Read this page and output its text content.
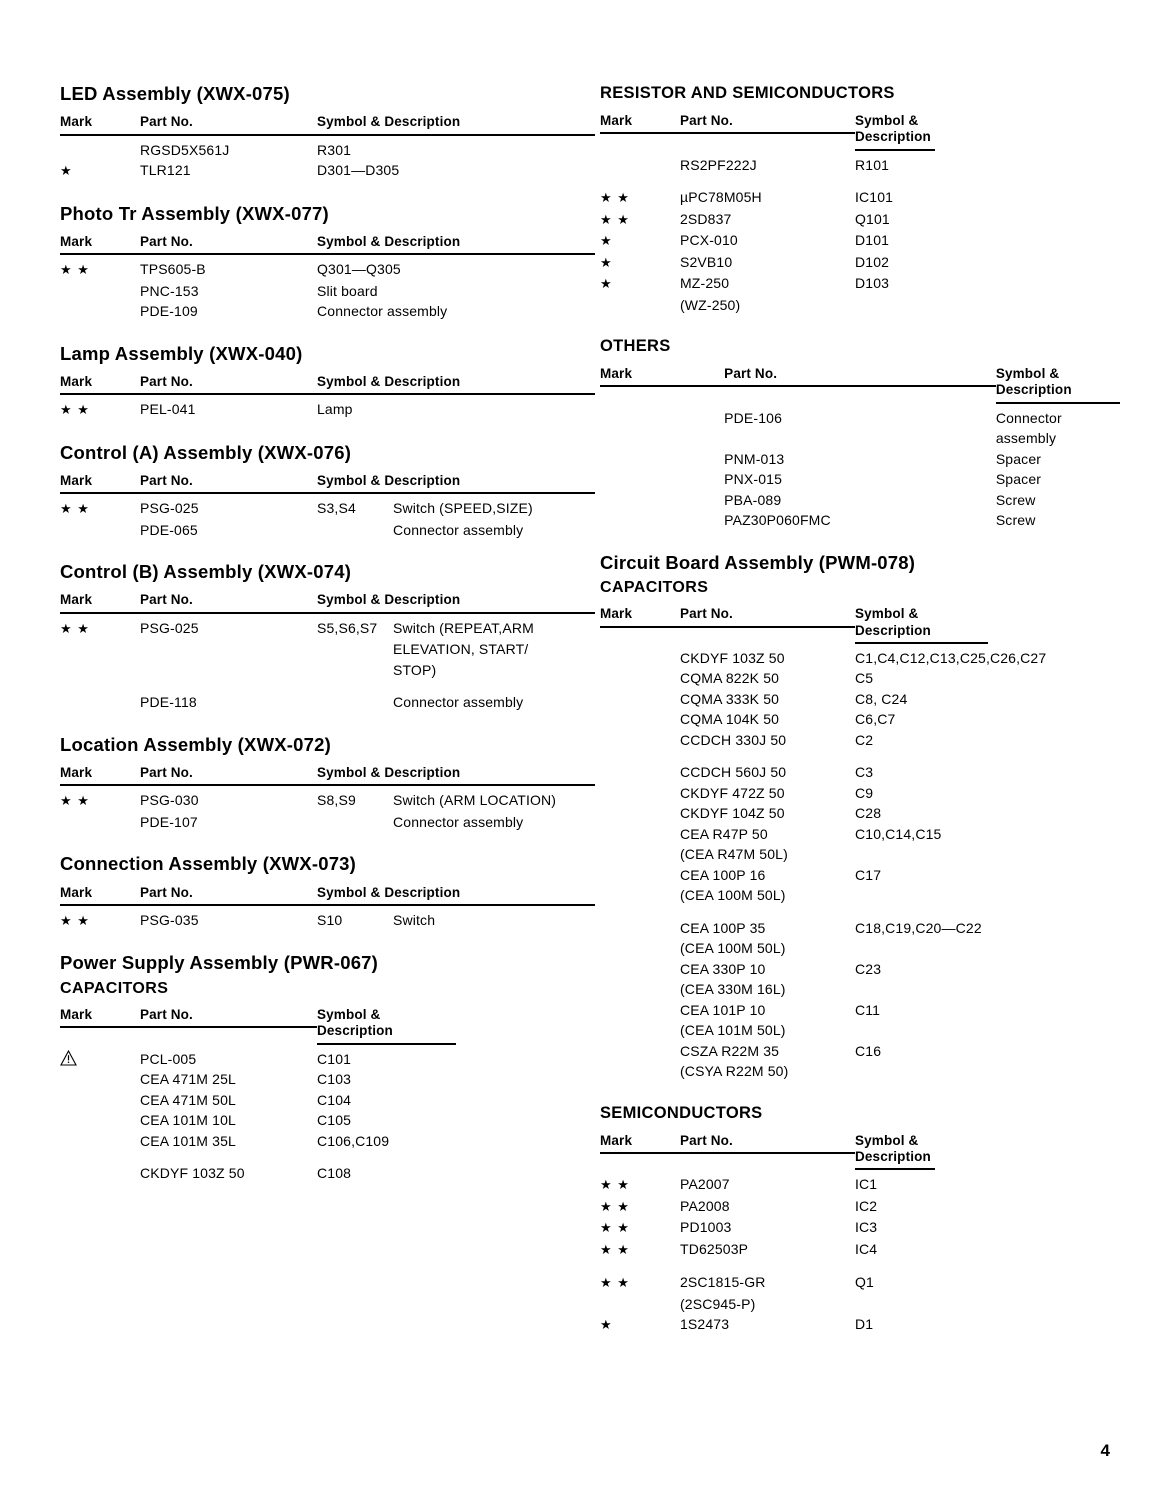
LED Assembly (XWX-075)
Mark	Part No.	Symbol & Description

	RGSD5X561J	R301
★	TLR121	D301—D305
Photo Tr Assembly (XWX-077)
Mark	Part No.	Symbol & Description

★ ★	TPS605-B	Q301—Q305
	PNC-153	Slit board
	PDE-109	Connector assembly
Lamp Assembly (XWX-040)
Mark	Part No.	Symbol & Description

★ ★	PEL-041	Lamp
Control (A) Assembly (XWX-076)
Mark	Part No.	Symbol & Description	

★ ★	PSG-025	S3,S4	Switch (SPEED,SIZE)
	PDE-065		Connector assembly
Control (B) Assembly (XWX-074)
Mark	Part No.	Symbol & Description	

★ ★	PSG-025	S5,S6,S7	Switch (REPEAT,ARM
			ELEVATION, START/
			STOP)

	PDE-118		Connector assembly
Location Assembly (XWX-072)
Mark	Part No.	Symbol & Description	

★ ★	PSG-030	S8,S9	Switch (ARM LOCATION)
	PDE-107		Connector assembly
Connection Assembly (XWX-073)
Mark	Part No.	Symbol & Description	

★ ★	PSG-035	S10	Switch
Power Supply Assembly (PWR-067)
CAPACITORS
Mark	Part No.	Symbol & Description

	PCL-005	C101
	CEA 471M 25L	C103
	CEA 471M 50L	C104
	CEA 101M 10L	C105
	CEA 101M 35L	C106,C109

	CKDYF 103Z 50	C108
RESISTOR AND SEMICONDUCTORS
Mark	Part No.	Symbol & Description

	RS2PF222J	R101

★ ★	µPC78M05H	IC101
★ ★	2SD837	Q101
★	PCX-010	D101
★	S2VB10	D102
★	MZ-250	D103
	(WZ-250)	
OTHERS
Mark	Part No.	Symbol & Description

	PDE-106	Connector assembly
	PNM-013	Spacer
	PNX-015	Spacer
	PBA-089	Screw
	PAZ30P060FMC	Screw
Circuit Board Assembly (PWM-078)
CAPACITORS
Mark	Part No.	Symbol & Description

	CKDYF 103Z 50	C1,C4,C12,C13,C25,C26,C27
	CQMA 822K 50	C5
	CQMA 333K 50	C8, C24
	CQMA 104K 50	C6,C7
	CCDCH 330J 50	C2

	CCDCH 560J 50	C3
	CKDYF 472Z 50	C9
	CKDYF 104Z 50	C28
	CEA R47P 50	C10,C14,C15
	(CEA R47M 50L)	
	CEA 100P 16	C17
	(CEA 100M 50L)	

	CEA 100P 35	C18,C19,C20—C22
	(CEA 100M 50L)	
	CEA 330P 10	C23
	(CEA 330M 16L)	
	CEA 101P 10	C11
	(CEA 101M 50L)	
	CSZA R22M 35	C16
	(CSYA R22M 50)	
SEMICONDUCTORS
Mark	Part No.	Symbol & Description

★ ★	PA2007	IC1
★ ★	PA2008	IC2
★ ★	PD1003	IC3
★ ★	TD62503P	IC4

★ ★	2SC1815-GR	Q1
	(2SC945-P)	
★	1S2473	D1
4
